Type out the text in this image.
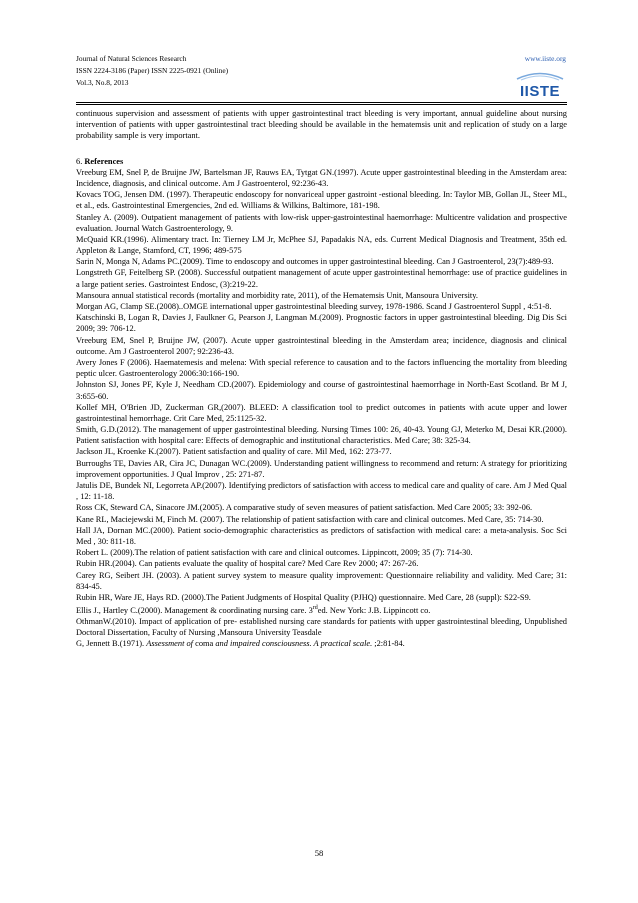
Journal of Natural Sciences Research
ISSN 2224-3186 (Paper) ISSN 2225-0921 (Online)
Vol.3, No.8, 2013
www.iiste.org
IISTE

continuous supervision and assessment of patients with upper gastrointestinal tract bleeding is very important, annual guideline about nursing intervention of patients with upper gastrointestinal tract bleeding should be available in the hematemsis unit and replication of study on a large probability sample is very important.

6. References

Vreeburg EM, Snel P, de Bruijne JW, Bartelsman JF, Rauws EA, Tytgat GN.(1997). Acute upper gastrointestinal bleeding in the Amsterdam area: Incidence, diagnosis, and clinical outcome. Am J Gastroenterol, 92:236-43.

Kovacs TOG, Jensen DM. (1997). Therapeutic endoscopy for nonvariceal upper gastroint -estional bleeding. In: Taylor MB, Gollan JL, Steer ML, et al., eds. Gastrointestinal Emergencies, 2nd ed. Williams & Wilkins, Baltimore, 181-198.

Stanley A. (2009). Outpatient management of patients with low-risk upper-gastrointestinal haemorrhage: Multicentre validation and prospective evaluation. Journal Watch Gastroenterology, 9.

McQuaid KR.(1996). Alimentary tract. In: Tierney LM Jr, McPhee SJ, Papadakis NA, eds. Current Medical Diagnosis and Treatment, 35th ed. Appleton & Lange, Stamford, CT, 1996; 489-575

Sarin N, Monga N, Adams PC.(2009). Time to endoscopy and outcomes in upper gastrointestinal bleeding. Can J Gastroenterol, 23(7):489-93.

Longstreth GF, Feitelberg SP. (2008). Successful outpatient management of acute upper gastrointestinal hemorrhage: use of practice guidelines in a large patient series. Gastrointest Endosc, (3):219-22.

Mansoura annual statistical records (mortality and morbidity rate, 2011), of the Hematemsis Unit, Mansoura University.

Morgan AG, Clamp SE.(2008)..OMGE international upper gastrointestinal bleeding survey, 1978-1986. Scand J Gastroenterol Suppl , 4:51-8.

Katschinski B, Logan R, Davies J, Faulkner G, Pearson J, Langman M.(2009). Prognostic factors in upper gastrointestinal bleeding. Dig Dis Sci 2009; 39: 706-12.

Vreeburg EM, Snel P, Bruijne JW, (2007). Acute upper gastrointestinal bleeding in the Amsterdam area; incidence, diagnosis and clinical outcome. Am J Gastroenterol 2007; 92:236-43.

Avery Jones F (2006). Haematemesis and melena: With special reference to causation and to the factors influencing the mortality from bleeding peptic ulcer. Gastroenterology 2006:30:166-190.

Johnston SJ, Jones PF, Kyle J, Needham CD.(2007). Epidemiology and course of gastrointestinal haemorrhage in North-East Scotland. Br M J, 3:655-60.

Kollef MH, O'Brien JD, Zuckerman GR,(2007). BLEED: A classification tool to predict outcomes in patients with acute upper and lower gastrointestinal hemorrhage. Crit Care Med, 25:1125-32.

Smith, G.D.(2012). The management of upper gastrointestinal bleeding. Nursing Times 100: 26, 40-43. Young GJ, Meterko M, Desai KR.(2000). Patient satisfaction with hospital care: Effects of demographic and institutional characteristics. Med Care; 38: 325-34.

Jackson JL, Kroenke K.(2007). Patient satisfaction and quality of care. Mil Med, 162: 273-77.

Burroughs TE, Davies AR, Cira JC, Dunagan WC.(2009). Understanding patient willingness to recommend and return: A strategy for prioritizing improvement opportunities. J Qual Improv , 25: 271-87.

Jatulis DE, Bundek NI, Legorreta AP.(2007). Identifying predictors of satisfaction with access to medical care and quality of care. Am J Med Qual , 12: 11-18.

Ross CK, Steward CA, Sinacore JM.(2005). A comparative study of seven measures of patient satisfaction. Med Care 2005; 33: 392-06.

Kane RL, Maciejewski M, Finch M. (2007). The relationship of patient satisfaction with care and clinical outcomes. Med Care, 35: 714-30.

Hall JA, Dornan MC.(2000). Patient socio-demographic characteristics as predictors of satisfaction with medical care: a meta-analysis. Soc Sci Med , 30: 811-18.

Robert L. (2009).The relation of patient satisfaction with care and clinical outcomes. Lippincott, 2009; 35 (7): 714-30.

Rubin HR.(2004). Can patients evaluate the quality of hospital care? Med Care Rev 2000; 47: 267-26.

Carey RG, Seibert JH. (2003). A patient survey system to measure quality improvement: Questionnaire reliability and validity. Med Care; 31: 834-45.

Rubin HR, Ware JE, Hays RD. (2000).The Patient Judgments of Hospital Quality (PJHQ) questionnaire. Med Care, 28 (suppl): S22-S9.

Ellis J., Hartley C.(2000). Management & coordinating nursing care. 3rded. New York: J.B. Lippincott co.

OthmanW.(2010). Impact of application of pre- established nursing care standards for patients with upper gastrointestinal bleeding, Unpublished Doctoral Dissertation, Faculty of Nursing ,Mansoura University Teasdale

G, Jennett B.(1971). Assessment of coma and impaired consciousness. A practical scale. ;2:81-84.

58
